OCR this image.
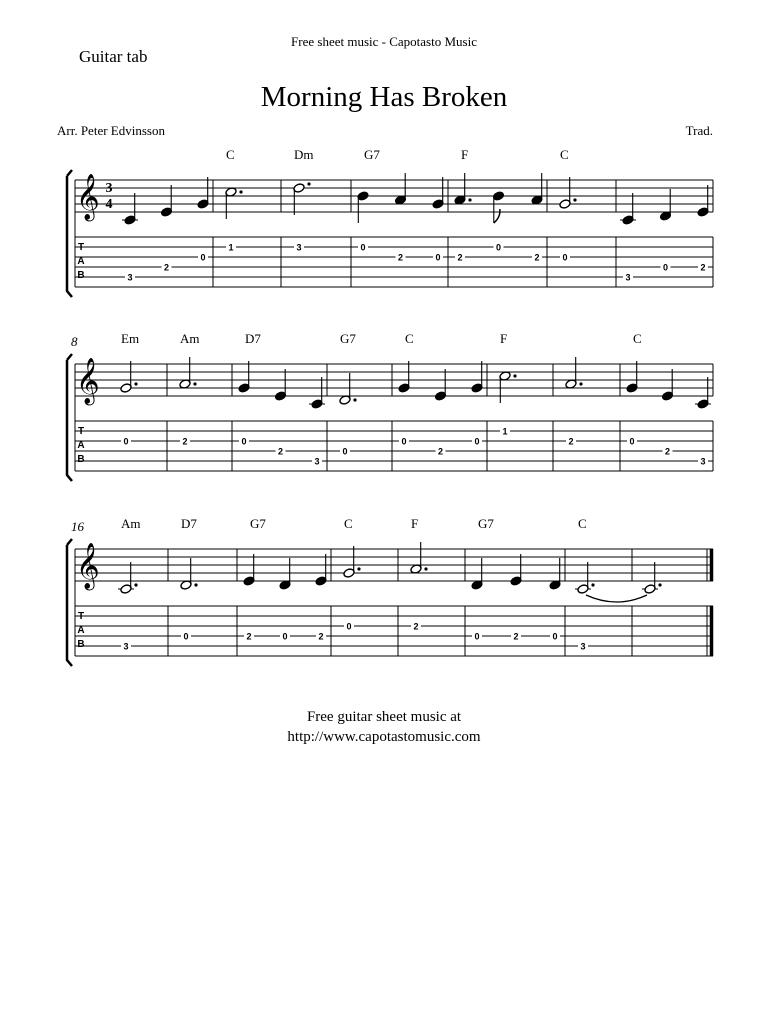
Free sheet music - Capotasto Music
Guitar tab
Morning Has Broken
Arr. Peter Edvinsson	Trad.
𝄞 3
4
T
A
B	3
2
0
C
1
Dm
3
G7
0
2	0
F
2
0
2
C
0
3
0	2
𝄞
T
A
B
8	Em
0
Am
2
D7
0
2
3
G7
0
C
0
2
0
F
1
2
C
0
2
3
𝄞
T
A
B
16	Am
3
D7
0
G7
2	0	2
C
0
F
2
G7
0	2	0
C
3
Free guitar sheet music at
http://www.capotastomusic.com
